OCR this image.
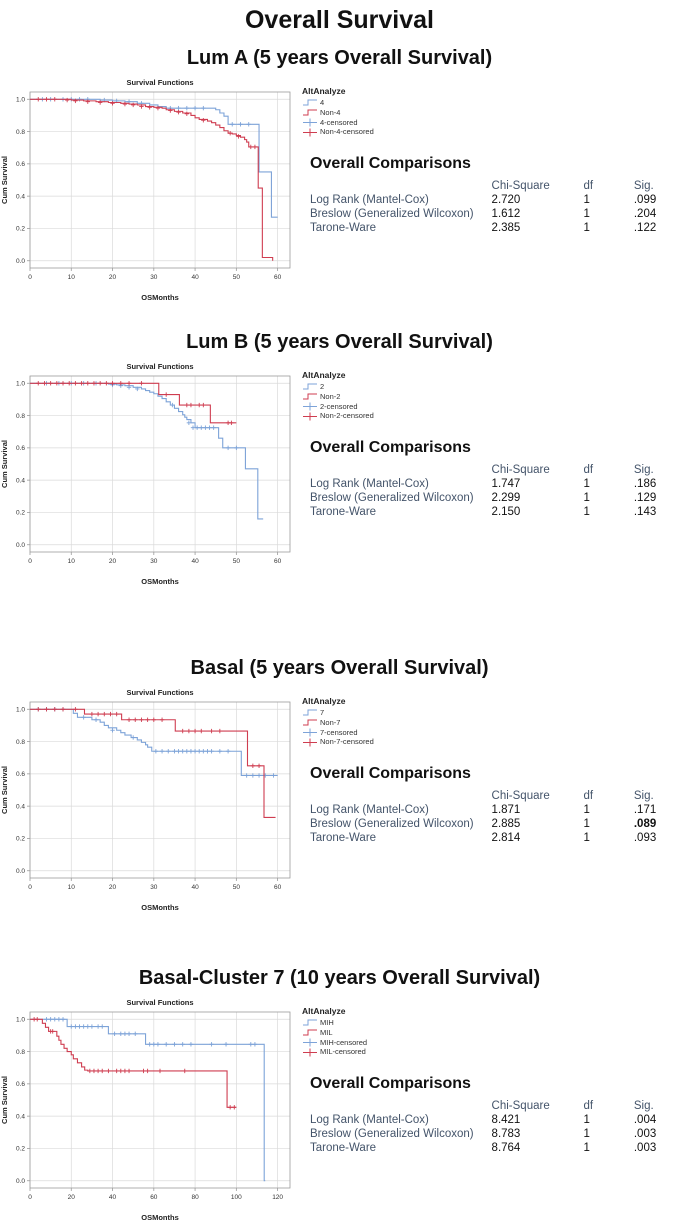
Overall Survival
Lum A (5 years Overall Survival)
0.0
0.2
0.4
0.6
0.8
1.0
0	10	20	30	40	50	60
Survival Functions
OSMonths
Cum Survival
AltAnalyze
4
Non-4
4-censored
Non-4-censored
Overall Comparisons
	Chi-Square	df	Sig.
Log Rank (Mantel-Cox)	2.720	1	.099
Breslow (Generalized Wilcoxon)	1.612	1	.204
Tarone-Ware	2.385	1	.122
Lum B (5 years Overall Survival)
0.0
0.2
0.4
0.6
0.8
1.0
0	10	20	30	40	50	60
Survival Functions
OSMonths
Cum Survival
AltAnalyze
2
Non-2
2-censored
Non-2-censored
Overall Comparisons
	Chi-Square	df	Sig.
Log Rank (Mantel-Cox)	1.747	1	.186
Breslow (Generalized Wilcoxon)	2.299	1	.129
Tarone-Ware	2.150	1	.143
Basal (5 years Overall Survival)
0.0
0.2
0.4
0.6
0.8
1.0
0	10	20	30	40	50	60
Survival Functions
OSMonths
Cum Survival
AltAnalyze
7
Non-7
7-censored
Non-7-censored
Overall Comparisons
	Chi-Square	df	Sig.
Log Rank (Mantel-Cox)	1.871	1	.171
Breslow (Generalized Wilcoxon)	2.885	1	.089
Tarone-Ware	2.814	1	.093
Basal-Cluster 7 (10 years Overall Survival)
0.0
0.2
0.4
0.6
0.8
1.0
0	20	40	60	80	100	120
Survival Functions
OSMonths
Cum Survival
AltAnalyze
MIH
MIL
MIH-censored
MIL-censored
Overall Comparisons
	Chi-Square	df	Sig.
Log Rank (Mantel-Cox)	8.421	1	.004
Breslow (Generalized Wilcoxon)	8.783	1	.003
Tarone-Ware	8.764	1	.003
